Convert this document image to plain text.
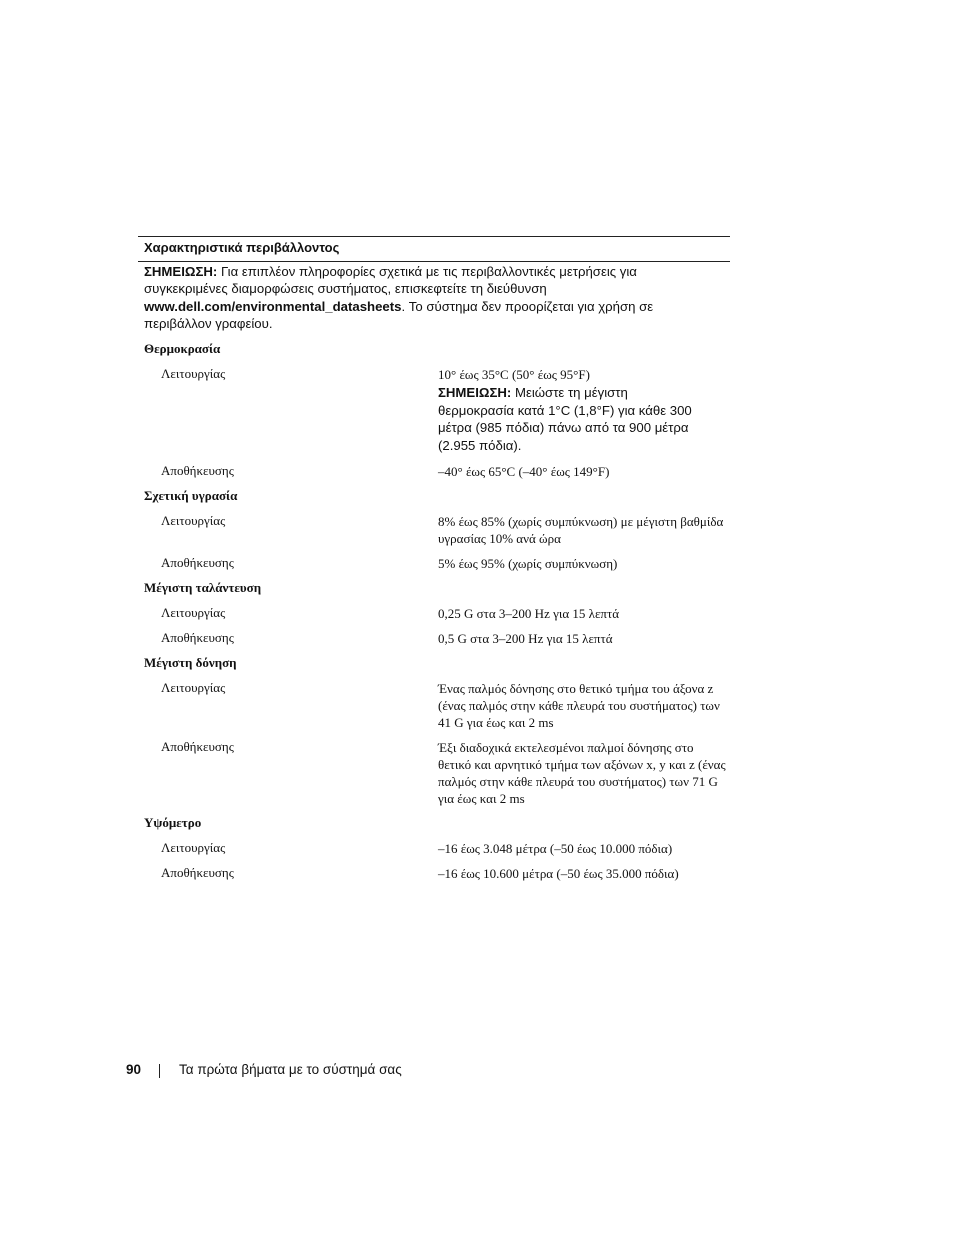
Χαρακτηριστικά περιβάλλοντος
ΣΗΜΕΙΩΣΗ: Για επιπλέον πληροφορίες σχετικά με τις περιβαλλοντικές μετρήσεις για συγκεκριμένες διαμορφώσεις συστήματος, επισκεφτείτε τη διεύθυνση www.dell.com/environmental_datasheets. Το σύστημα δεν προορίζεται για χρήση σε περιβάλλον γραφείου.
Θερμοκρασία
Λειτουργίας	10° έως 35°C (50° έως 95°F)
ΣΗΜΕΙΩΣΗ: Μειώστε τη μέγιστη θερμοκρασία κατά 1°C (1,8°F) για κάθε 300 μέτρα (985 πόδια) πάνω από τα 900 μέτρα (2.955 πόδια).
Αποθήκευσης	–40° έως 65°C (–40° έως 149°F)
Σχετική υγρασία
Λειτουργίας	8% έως 85% (χωρίς συμπύκνωση) με μέγιστη βαθμίδα υγρασίας 10% ανά ώρα
Αποθήκευσης	5% έως 95% (χωρίς συμπύκνωση)
Μέγιστη ταλάντευση
Λειτουργίας	0,25 G στα 3–200 Hz για 15 λεπτά
Αποθήκευσης	0,5 G στα 3–200 Hz για 15 λεπτά
Μέγιστη δόνηση
Λειτουργίας	Ένας παλμός δόνησης στο θετικό τμήμα του άξονα z (ένας παλμός στην κάθε πλευρά του συστήματος) των 41 G για έως και 2 ms
Αποθήκευσης	Έξι διαδοχικά εκτελεσμένοι παλμοί δόνησης στο θετικό και αρνητικό τμήμα των αξόνων x, y και z (ένας παλμός στην κάθε πλευρά του συστήματος) των 71 G για έως και 2 ms
Υψόμετρο
Λειτουργίας	–16 έως 3.048 μέτρα (–50 έως 10.000 πόδια)
Αποθήκευσης	–16 έως 10.600 μέτρα (–50 έως 35.000 πόδια)
90	Τα πρώτα βήματα με το σύστημά σας
